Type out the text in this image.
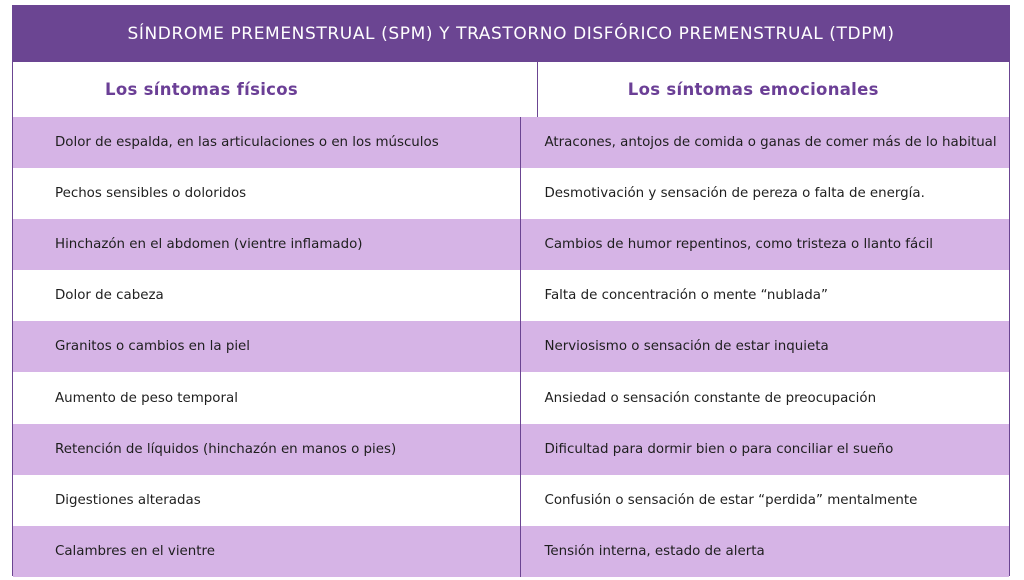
SÍNDROME PREMENSTRUAL (SPM) Y TRASTORNO DISFÓRICO PREMENSTRUAL (TDPM)
Los síntomas físicos	Los síntomas emocionales
Dolor de espalda, en las articulaciones o en los músculos	Atracones, antojos de comida o ganas de comer más de lo habitual
Pechos sensibles o doloridos	Desmotivación y sensación de pereza o falta de energía.
Hinchazón en el abdomen (vientre inflamado)	Cambios de humor repentinos, como tristeza o llanto fácil
Dolor de cabeza	Falta de concentración o mente “nublada”
Granitos o cambios en la piel	Nerviosismo o sensación de estar inquieta
Aumento de peso temporal	Ansiedad o sensación constante de preocupación
Retención de líquidos (hinchazón en manos o pies)	Dificultad para dormir bien o para conciliar el sueño
Digestiones alteradas	Confusión o sensación de estar “perdida” mentalmente
Calambres en el vientre	Tensión interna, estado de alerta
